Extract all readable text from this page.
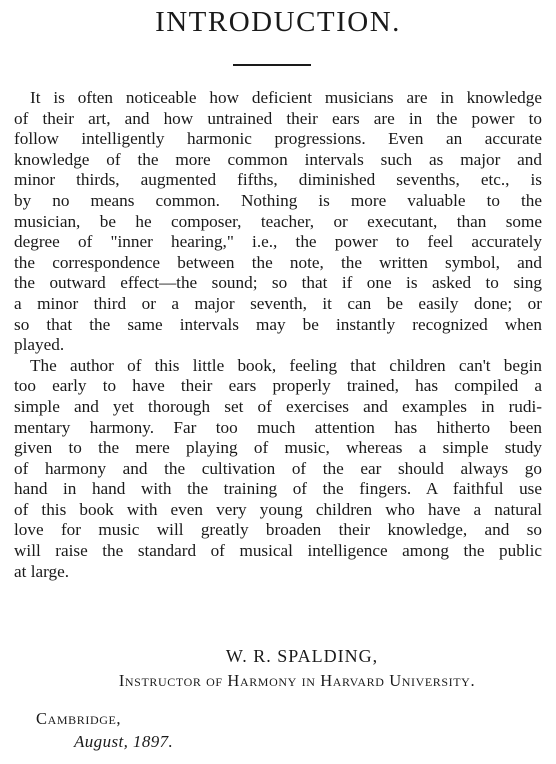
INTRODUCTION.
It is often noticeable how deficient musicians are in knowledge
of their art, and how untrained their ears are in the power to
follow intelligently harmonic progressions. Even an accurate
knowledge of the more common intervals such as major and
minor thirds, augmented fifths, diminished sevenths, etc., is
by no means common. Nothing is more valuable to the
musician, be he composer, teacher, or executant, than some
degree of "inner hearing," i.e., the power to feel accurately
the correspondence between the note, the written symbol, and
the outward effect—the sound; so that if one is asked to sing
a minor third or a major seventh, it can be easily done; or
so that the same intervals may be instantly recognized when
played.
The author of this little book, feeling that children can't begin
too early to have their ears properly trained, has compiled a
simple and yet thorough set of exercises and examples in rudi-
mentary harmony. Far too much attention has hitherto been
given to the mere playing of music, whereas a simple study
of harmony and the cultivation of the ear should always go
hand in hand with the training of the fingers. A faithful use
of this book with even very young children who have a natural
love for music will greatly broaden their knowledge, and so
will raise the standard of musical intelligence among the public
at large.
W. R. SPALDING,
Instructor of Harmony in Harvard University.
Cambridge,
August, 1897.
